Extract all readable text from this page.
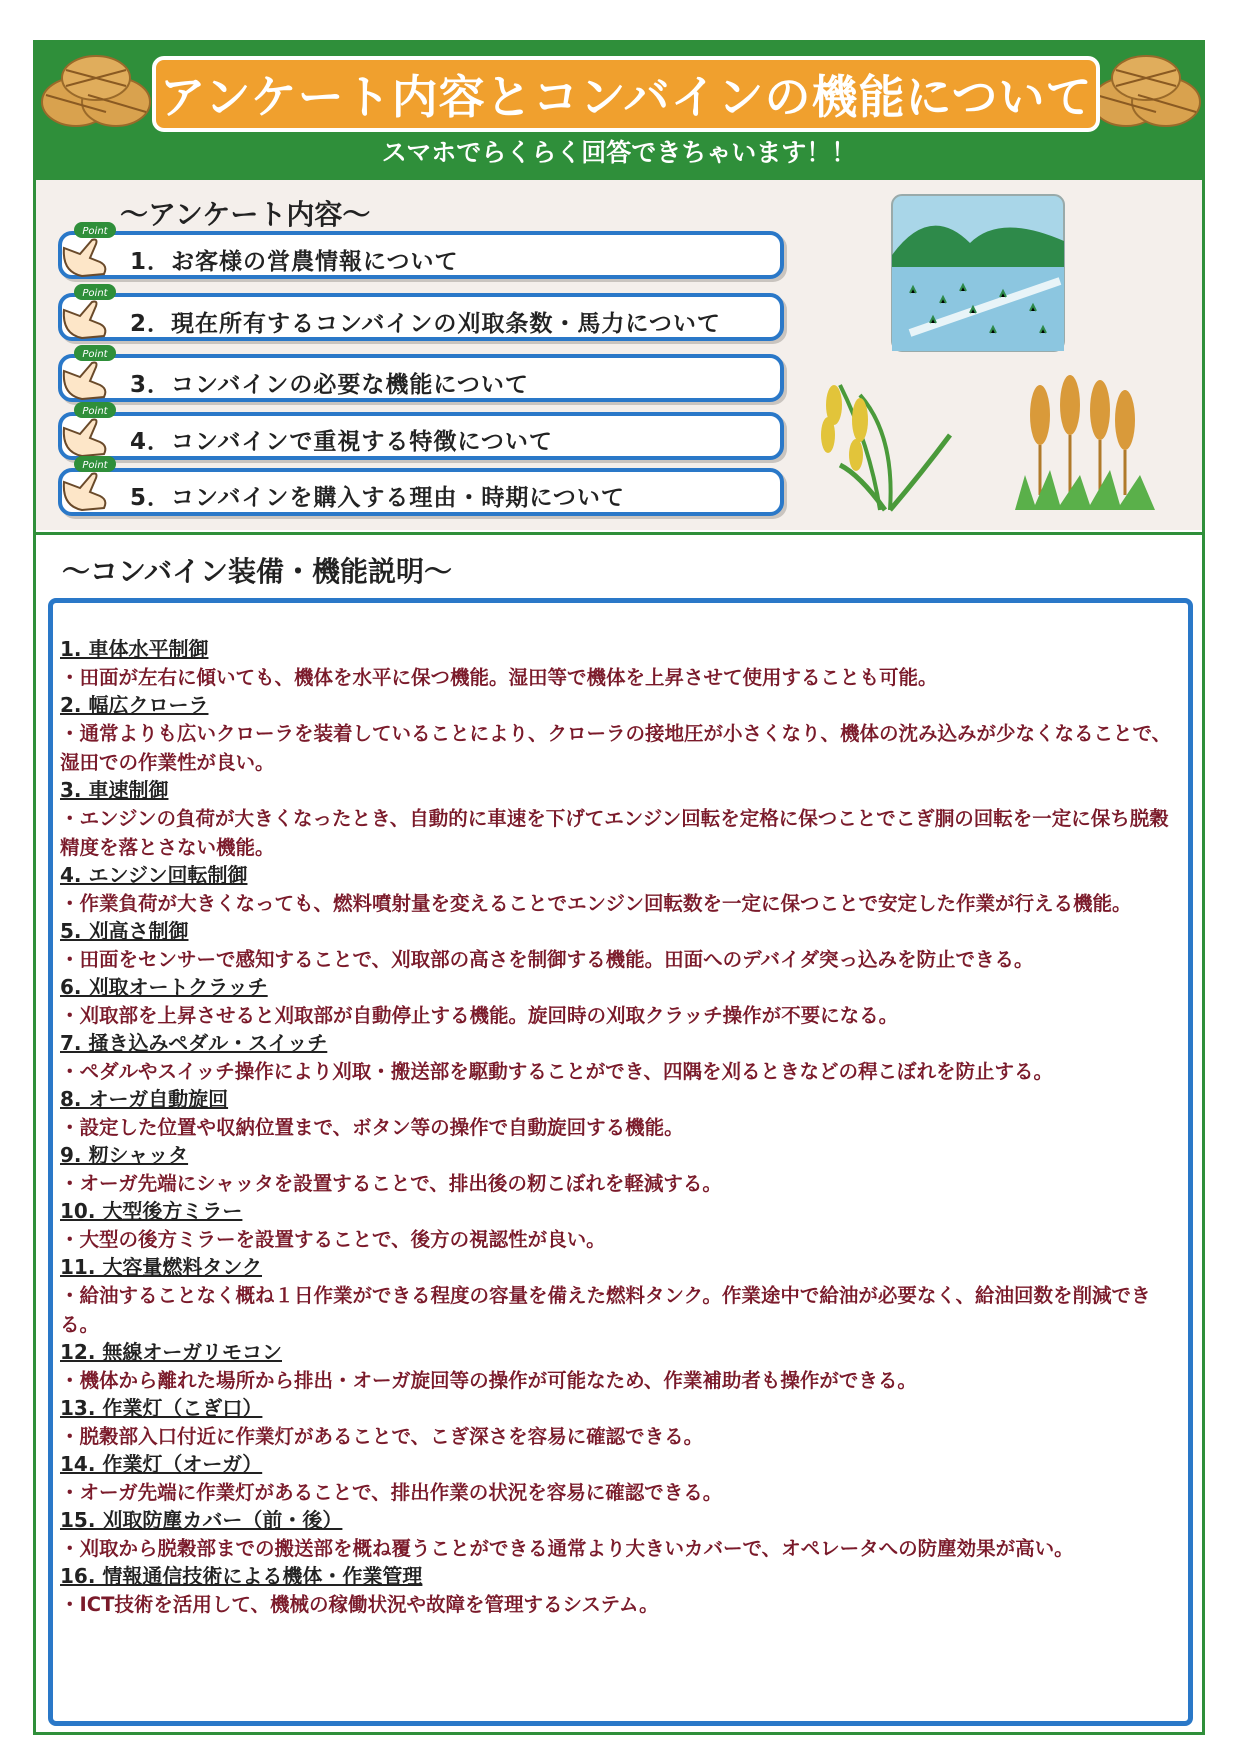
アンケート内容とコンバインの機能について
スマホでらくらく回答できちゃいます！！
～アンケート内容～
1．お客様の営農情報について
2．現在所有するコンバインの刈取条数・馬力について
3．コンバインの必要な機能について
4．コンバインで重視する特徴について
5．コンバインを購入する理由・時期について
Point
Point
Point
Point
Point
～コンバイン装備・機能説明～
1. 車体水平制御
・田面が左右に傾いても、機体を水平に保つ機能。湿田等で機体を上昇させて使用することも可能。
2. 幅広クローラ
・通常よりも広いクローラを装着していることにより、クローラの接地圧が小さくなり、機体の沈み込みが少なくなることで、湿田での作業性が良い。
3. 車速制御
・エンジンの負荷が大きくなったとき、自動的に車速を下げてエンジン回転を定格に保つことでこぎ胴の回転を一定に保ち脱穀精度を落とさない機能。
4. エンジン回転制御
・作業負荷が大きくなっても、燃料噴射量を変えることでエンジン回転数を一定に保つことで安定した作業が行える機能。
5. 刈高さ制御
・田面をセンサーで感知することで、刈取部の高さを制御する機能。田面へのデバイダ突っ込みを防止できる。
6. 刈取オートクラッチ
・刈取部を上昇させると刈取部が自動停止する機能。旋回時の刈取クラッチ操作が不要になる。
7. 掻き込みペダル・スイッチ
・ペダルやスイッチ操作により刈取・搬送部を駆動することができ、四隅を刈るときなどの稈こぼれを防止する。
8. オーガ自動旋回
・設定した位置や収納位置まで、ボタン等の操作で自動旋回する機能。
9. 籾シャッタ
・オーガ先端にシャッタを設置することで、排出後の籾こぼれを軽減する。
10. 大型後方ミラー
・大型の後方ミラーを設置することで、後方の視認性が良い。
11. 大容量燃料タンク
・給油することなく概ね１日作業ができる程度の容量を備えた燃料タンク。作業途中で給油が必要なく、給油回数を削減できる。
12. 無線オーガリモコン
・機体から離れた場所から排出・オーガ旋回等の操作が可能なため、作業補助者も操作ができる。
13. 作業灯（こぎ口）
・脱穀部入口付近に作業灯があることで、こぎ深さを容易に確認できる。
14. 作業灯（オーガ）
・オーガ先端に作業灯があることで、排出作業の状況を容易に確認できる。
15. 刈取防塵カバー（前・後）
・刈取から脱穀部までの搬送部を概ね覆うことができる通常より大きいカバーで、オペレータへの防塵効果が高い。
16. 情報通信技術による機体・作業管理
・ICT技術を活用して、機械の稼働状況や故障を管理するシステム。
